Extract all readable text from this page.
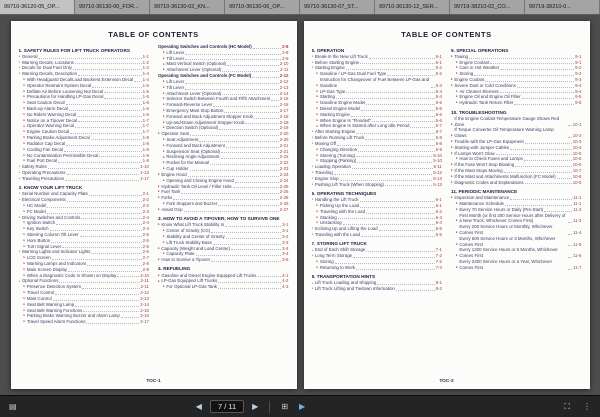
99710-36120-05_OP...	99710-36130-00_FOR...	99710-36130-02_KN...	99710-36130-06_OP...	99710-36130-07_ST...	99710-36130-12_SER...	99719-38210-02_CO...	99719-38210-0...
TABLE OF CONTENTS
1. SAFETY RULES FOR LIFT TRUCK OPERATORS
▸ General	1-1
▸ Warning Decals, Locations	1-2
▸ Decals for Dual Fuel Only	1-3
▸ Warning Decals, Description	1-4
▸ With Headguard Decal/Load Backrest Extension Decal 1-4
▸ Operator Restraint System Decal	1-5
▸ Deflate Air Before Loosening Nut Decal	1-5
▸ Precautions for Handling LP-Gas Decal	1-5
▸ Seat Caution Decal	1-6
▸ Back-up Alarm Decal	1-6
▸ No Riders Warning Decal	1-6
▸ Notice on a Tipover Decal	1-7
▸ Operator Warning Decal	1-7
▸ Engine Caution Decal	1-7
▸ Parking Brake Adjustment Decal	1-8
▸ Radiator Cap Decal	1-8
▸ Cooling Fan Decal	1-8
▸ No Contamination Permissible Decal	1-9
▸ Fuel Port Decal	1-9
▸ Safety Rules	1-10
▸ Operating Precautions	1-13
▸ Traveling Precautions	1-17
2. KNOW YOUR LIFT TRUCK
▸ Serial Number and Capacity Plate	2-1
▸ Electrical Components	2-2
▸ HC Model	2-2
▸ FC Model	2-3
▸ Driving Switches and Controls	2-4
▸ Ignition Switch	2-4
▸ Key Switch	2-4
▸ Steering Column Tilt Lever	2-5
▸ Horn Button	2-5
▸ Turn Signal Lever	2-5
▸ Warning Lights and Indicator Lights	2-6
▸ LCD Screen	2-7
▸ Warning Lamps and Indicators	2-8
▸ Main Screen Display	2-9
▸ When a Diagnostic Code Is Shown on Display	2-10
▸ Optional Functions	2-11
▸ Presence Detection System	2-11
▸ Travel Control	2-12
▸ Mast Control	2-13
▸ Seat Belt Warning Lamp	2-14
▸ Seat Belt Warning Functions	2-15
▸ Parking Brake Warning Buzzer and Alarm Lamp	2-16
▸ Travel Speed Alarm Functions	2-17
Operating Switches and Controls (HC Model)	2-8
▸ Lift Lever	2-8
▸ Tilt Lever	2-9
▸ Mast Vertical Switch (Optional)	2-10
▸ Attachment Lever (Optional)	2-11
Operating Switches and Controls (FC Model)	2-12
▸ Lift Lever	2-12
▸ Tilt Lever	2-13
▸ Attachment Lever (Optional)	2-14
▸ Selector Switch Between Fourth and Fifth Attachment 2-15
▸ Forward-Reverse Lever	2-16
▸ Emergency Mast Stop Button	2-17
▸ Forward and Back Adjustment Stopper Knob	2-18
▸ Up-and-Down Adjustment Stopper Knob	2-18
▸ Direction Switch (Optional)	2-19
▸ Operator Seat	2-20
▸ Seat Adjustment	2-20
▸ Forward and Back Adjustment	2-21
▸ Suspension Seat (Optional)	2-21
▸ Reclining Angle Adjustment	2-22
▸ Pocket for the Manual	2-22
▸ Cup Holder	2-23
▸ Engine Hood	2-24
▸ Opening and Closing Engine Hood	2-24
▸ Hydraulic Tank Oil Level / Filler Hole	2-25
▸ Fuel Tank	2-25
▸ Forks	2-26
▸ Fork Stoppers and Buzzer	2-26
▸ Assist Grip	2-27
3. HOW TO AVOID A TIPOVER; HOW TO SURVIVE ONE
▸ Know What Lift Truck Stability Is	3-1
▸ Center of Gravity (CG)	3-1
▸ Stability and Center of Gravity	3-2
▸ Lift Truck Stability Base	3-3
▸ Capacity (Weight and Load Center)	3-4
▸ Capacity Plate	3-4
▸ How to Survive a Tipover	3-5
4. REFUELING
▸ Gasoline and Diesel Engine Equipped Lift Trucks	4-1
▸ LP-Gas Equipped Lift Trucks	4-2
▸ For Optional LP-Gas Tank	4-3
TOC-1
TABLE OF CONTENTS
5. OPERATION
▸ Break-In the New Lift Truck	5-1
▸ Before Starting Engine	5-1
▸ Starting Engine	5-2
▸ Gasoline / LP-Gas Dual Fuel Type	5-2
▸
Instruction for Changeover of Fuel Between LP-Gas and Gasoline	5-3
▸ LP-Gas Type	5-4
▸ Starting	5-4
▸ Gasoline Engine Model	5-5
▸ Diesel Engine Model	5-5
▸ Starting Engine	5-6
▸ When Engine Is "Flooded"	5-6
▸ When Engine Is Started after Long Idle Period	5-7
▸ After Starting Engine	5-7
▸ Before Running Lift Truck	5-8
▸ Moving Off	5-8
▸ Changing Direction	5-9
▸ Steering (Turning)	5-10
▸ Stopping (Parking)	5-10
▸ Loading Operation	5-11
▸ Traveling	5-12
▸ Engine Stop	5-13
▸ Pushing Lift Truck (When Stopping)	5-13
6. OPERATING TECHNIQUES
▸ Handling the Lift Truck	6-1
▸ Picking Up the Load	6-1
▸ Traveling with the Load	6-2
▸ Stacking	6-3
▸ Unstacking	6-4
▸ Inclining Up and Lifting the Load	6-5
▸ Traveling with the Load	6-6
7. STORING LIFT TRUCK
▸ End of Each Shift Storage	7-1
▸ Long Term Storage	7-2
▸ Storing	7-2
▸ Returning to Work	7-3
8. TRANSPORTATION HINTS
▸ Lift Truck Loading and Shipping	8-1
▸ Lift Truck Lifting and Tiedown Information	8-2
9. SPECIAL OPERATIONS
▸ Towing	9-1
▸ Engine Coolant	9-1
▸ Care in Hot Weather	9-2
▸ Storing	9-2
▸ Engine Coolant	9-3
▸ Severe Dust or Cold Conditions	9-4
▸ Air Cleaner Element	9-4
▸ Engine Oil and Engine Oil Filter	9-5
▸ Hydraulic Tank Return Filter	9-5
10. TROUBLESHOOTING
▸
If the Engine Coolant Temperature Gauge Shows Red Zone	10-1
▸
If Torque Converter Oil Temperature Warning Lamp Glows	10-2
▸ Trouble with the LP-Gas Equipment	10-3
▸ Starting with Jumper Cables	10-4
▸ If Lamps Won't Glow	10-5
▸ How to Check Fuses and Lamps	10-5
▸ If the Fuse Won't Stop Blowing	10-6
▸ If the Mast Stops Moving	10-7
▸ If the Mast and Attachments Malfunction (FC Model)	10-8
▸ Diagnostic Codes and Explanations	10-9
11. PERIODIC MAINTENANCE
▸ Inspection and Maintenance	11-1
▸ Maintenance Schedule	11-1
▸ Every 70 Service Hours or Daily (Pre-Start)	11-2
▸
First Month (or first 200 Service Hours after Delivery of a New Truck, Whichever Comes First)	11-3
▸
Every 200 Service Hours or Monthly, Whichever Comes First	11-4
▸
Every 600 Service Hours or 3 Months, Whichever Comes First	11-5
▸
Every 1200 Service Hours or 6 Months, Whichever Comes First	11-6
▸
Every 2400 Service Hours or a Year, Whichever Comes First	11-7
TOC-2
▤	◀	7 / 11	▶	⊞	▶	⛶	⋮
